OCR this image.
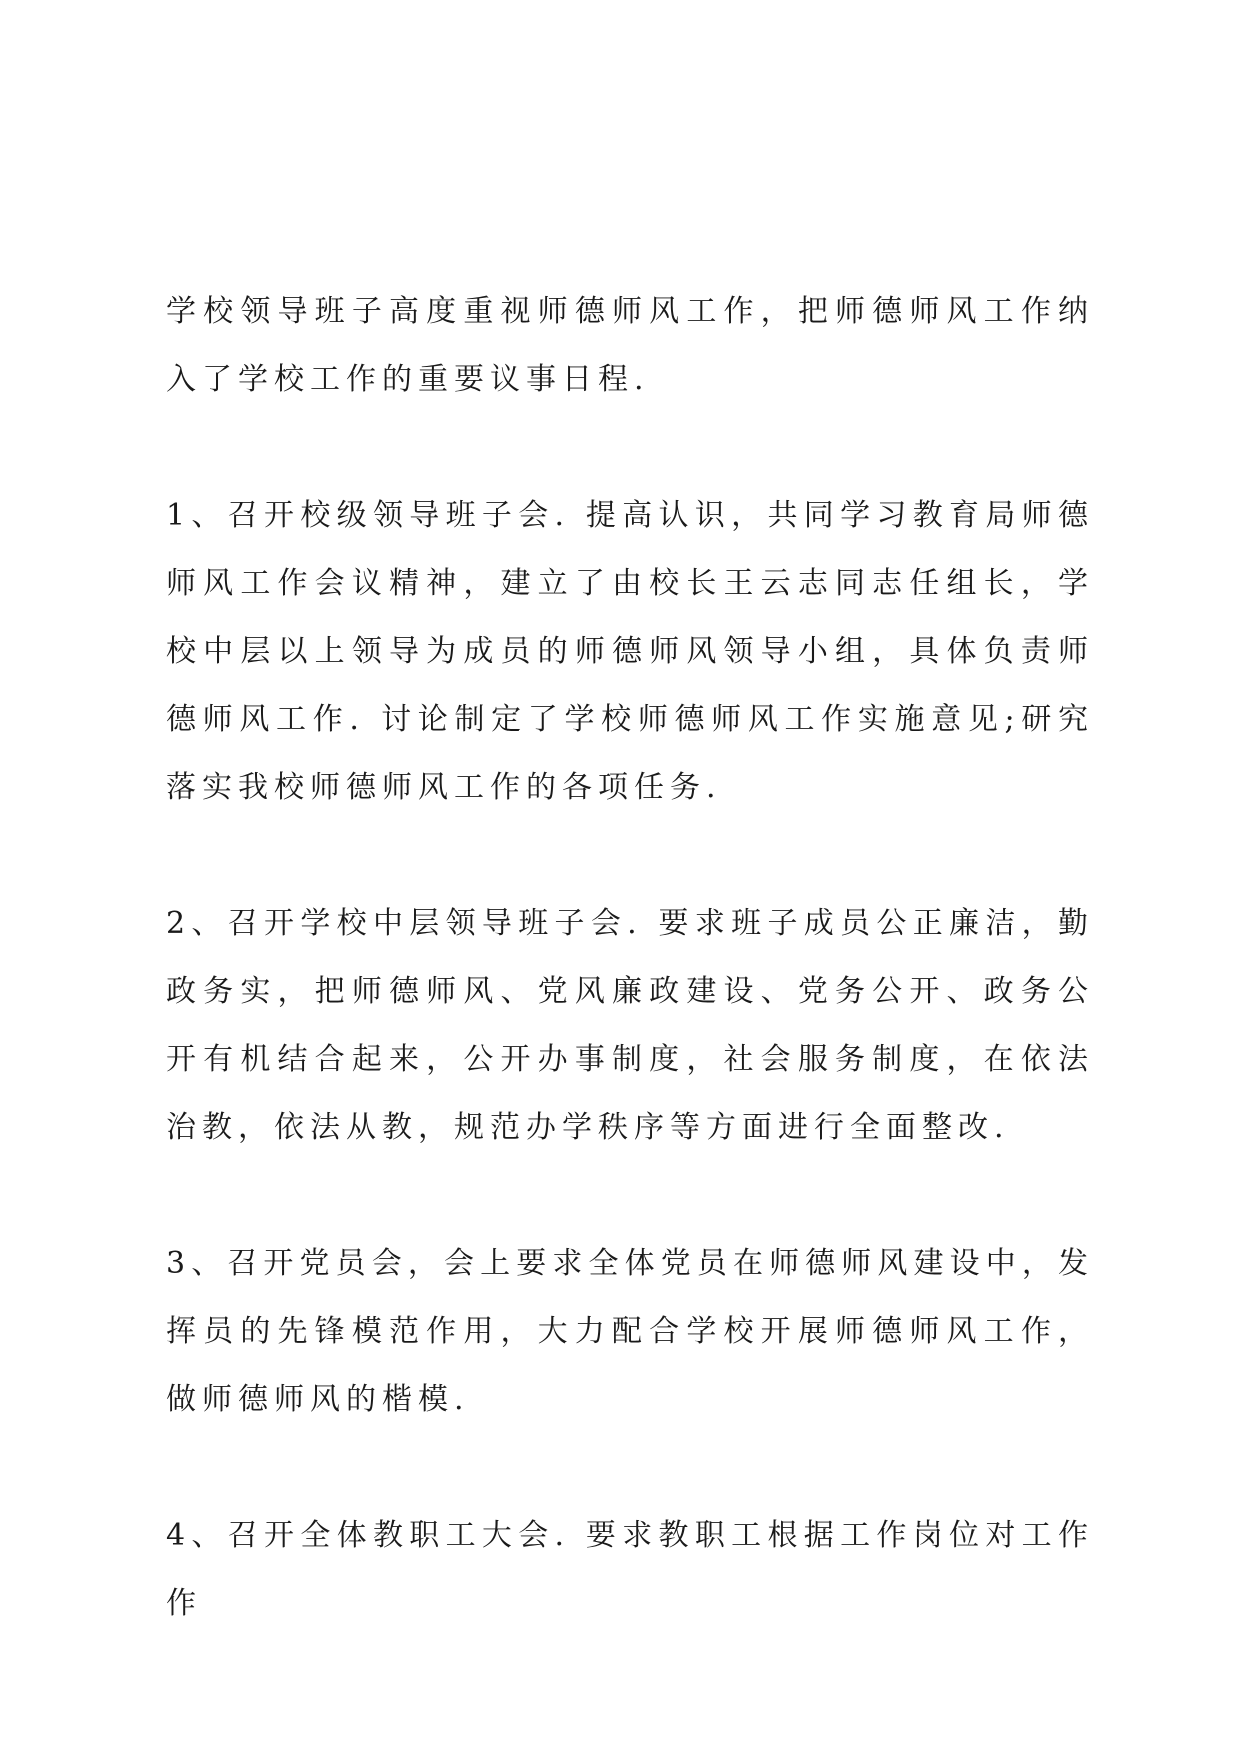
学校领导班子高度重视师德师风工作，把师德师风工作纳入了学校工作的重要议事日程.

1、召开校级领导班子会. 提高认识，共同学习教育局师德师风工作会议精神，建立了由校长王云志同志任组长，学校中层以上领导为成员的师德师风领导小组，具体负责师德师风工作. 讨论制定了学校师德师风工作实施意见;研究落实我校师德师风工作的各项任务.

2、召开学校中层领导班子会. 要求班子成员公正廉洁，勤政务实，把师德师风、党风廉政建设、党务公开、政务公开有机结合起来，公开办事制度，社会服务制度，在依法治教，依法从教，规范办学秩序等方面进行全面整改.

3、召开党员会，会上要求全体党员在师德师风建设中，发挥员的先锋模范作用，大力配合学校开展师德师风工作，做师德师风的楷模.

4、召开全体教职工大会. 要求教职工根据工作岗位对工作作
